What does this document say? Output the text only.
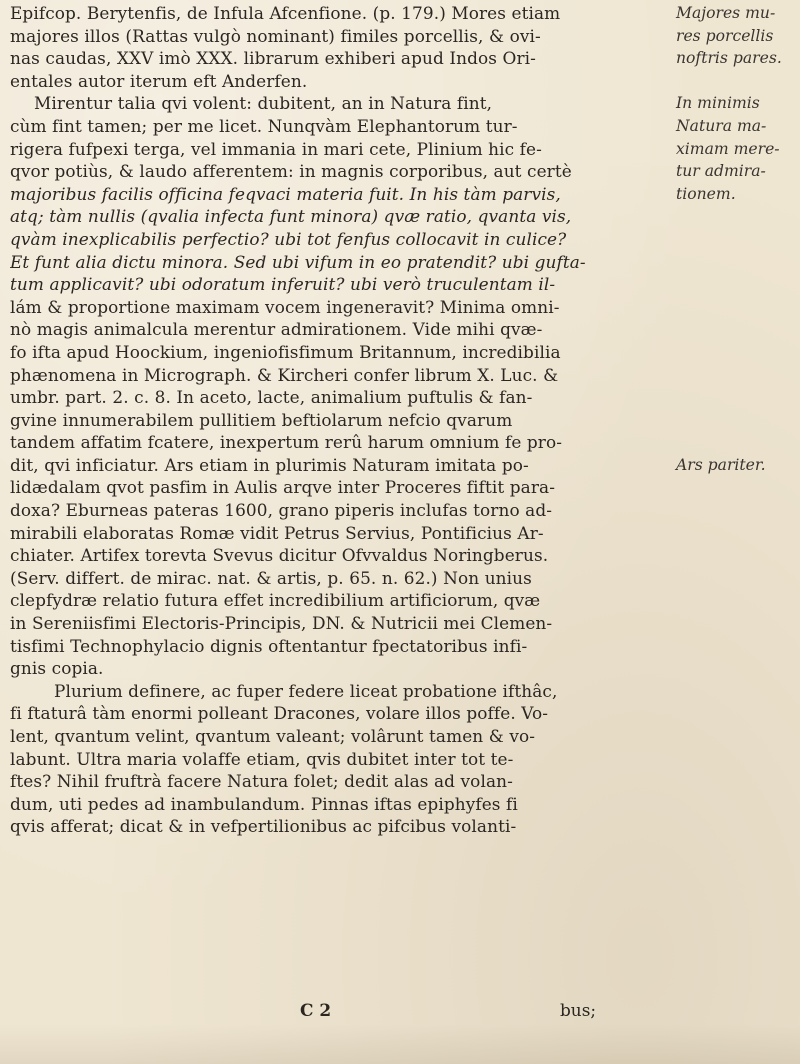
Epifcop. Berytenfis, de Infula Afcenfione. (p. 179.) Mores etiam
majores illos (Rattas vulgò nominant) fimiles porcellis, & ovi-
nas caudas, XXV imò XXX. librarum exhiberi apud Indos Ori-
entales autor iterum eft Anderfen.
Mirentur talia qvi volent: dubitent, an in Natura fint,
cùm fint tamen; per me licet. Nunqvàm Elephantorum tur-
rigera fufpexi terga, vel immania in mari cete, Plinium hic fe-
qvor potiùs, & laudo afferentem: in magnis corporibus, aut certè
majoribus facilis officina feqvaci materia fuit. In his tàm parvis,
atq; tàm nullis (qvalia infecta funt minora) qvæ ratio, qvanta vis,
qvàm inexplicabilis perfectio? ubi tot fenfus collocavit in culice?
Et funt alia dictu minora. Sed ubi vifum in eo pratendit? ubi gufta-
tum applicavit? ubi odoratum inferuit? ubi verò truculentam il-
lám & proportione maximam vocem ingeneravit? Minima omni-
nò magis animalcula merentur admirationem. Vide mihi qvæ-
fo ifta apud Hoockium, ingeniofisfimum Britannum, incredibilia
phænomena in Micrograph. & Kircheri confer librum X. Luc. &
umbr. part. 2. c. 8. In aceto, lacte, animalium puftulis & fan-
gvine innumerabilem pullitiem beftiolarum nefcio qvarum
tandem affatim fcatere, inexpertum rerû harum omnium fe pro-
dit, qvi inficiatur. Ars etiam in plurimis Naturam imitata po-
lidædalam qvot pasfim in Aulis arqve inter Proceres fiftit para-
doxa? Eburneas pateras 1600, grano piperis inclufas torno ad-
mirabili elaboratas Romæ vidit Petrus Servius, Pontificius Ar-
chiater. Artifex torevta Svevus dicitur Ofvvaldus Noringberus.
(Serv. differt. de mirac. nat. & artis, p. 65. n. 62.) Non unius
clepfydræ relatio futura effet incredibilium artificiorum, qvæ
in Sereniisfimi Electoris-Principis, DN. & Nutricii mei Clemen-
tisfimi Technophylacio dignis oftentantur fpectatoribus infi-
gnis copia.
Plurium definere, ac fuper federe liceat probatione ifthâc,
fi ftaturâ tàm enormi polleant Dracones, volare illos poffe. Vo-
lent, qvantum velint, qvantum valeant; volârunt tamen & vo-
labunt. Ultra maria volaffe etiam, qvis dubitet inter tot te-
ftes? Nihil fruftrà facere Natura folet; dedit alas ad volan-
dum, uti pedes ad inambulandum. Pinnas iftas epiphyfes fi
qvis afferat; dicat & in vefpertilionibus ac pifcibus volanti-
Majores mu-
res porcellis
noftris pares.
In minimis
Natura ma-
ximam mere-
tur admira-
tionem.
Ars pariter.
C 2	bus;
